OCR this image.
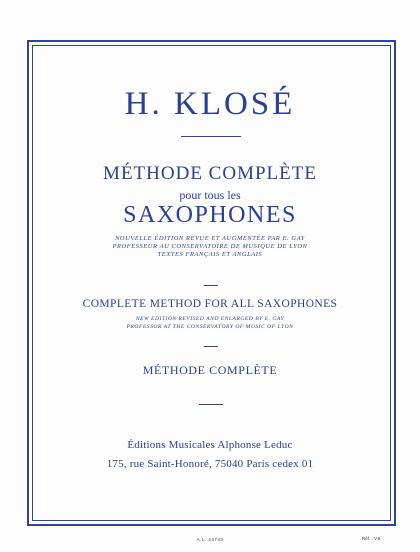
H. KLOSÉ
MÉTHODE COMPLÈTE
pour tous les
SAXOPHONES
NOUVELLE ÉDITION REVUE ET AUGMENTÉE PAR E. GAY
PROFESSEUR AU CONSERVATOIRE DE MUSIQUE DE LYON
TEXTES FRANÇAIS ET ANGLAIS
COMPLETE METHOD FOR ALL SAXOPHONES
NEW EDITION REVISED AND ENLARGED BY E. GAY
PROFESSOR AT THE CONSERVATORY OF MUSIC OF LYON
MÉTHODE COMPLÈTE
Éditions Musicales Alphonse Leduc
175, rue Saint-Honoré, 75040 Paris cedex 01
A.L. 24743	Réf. : V.8
